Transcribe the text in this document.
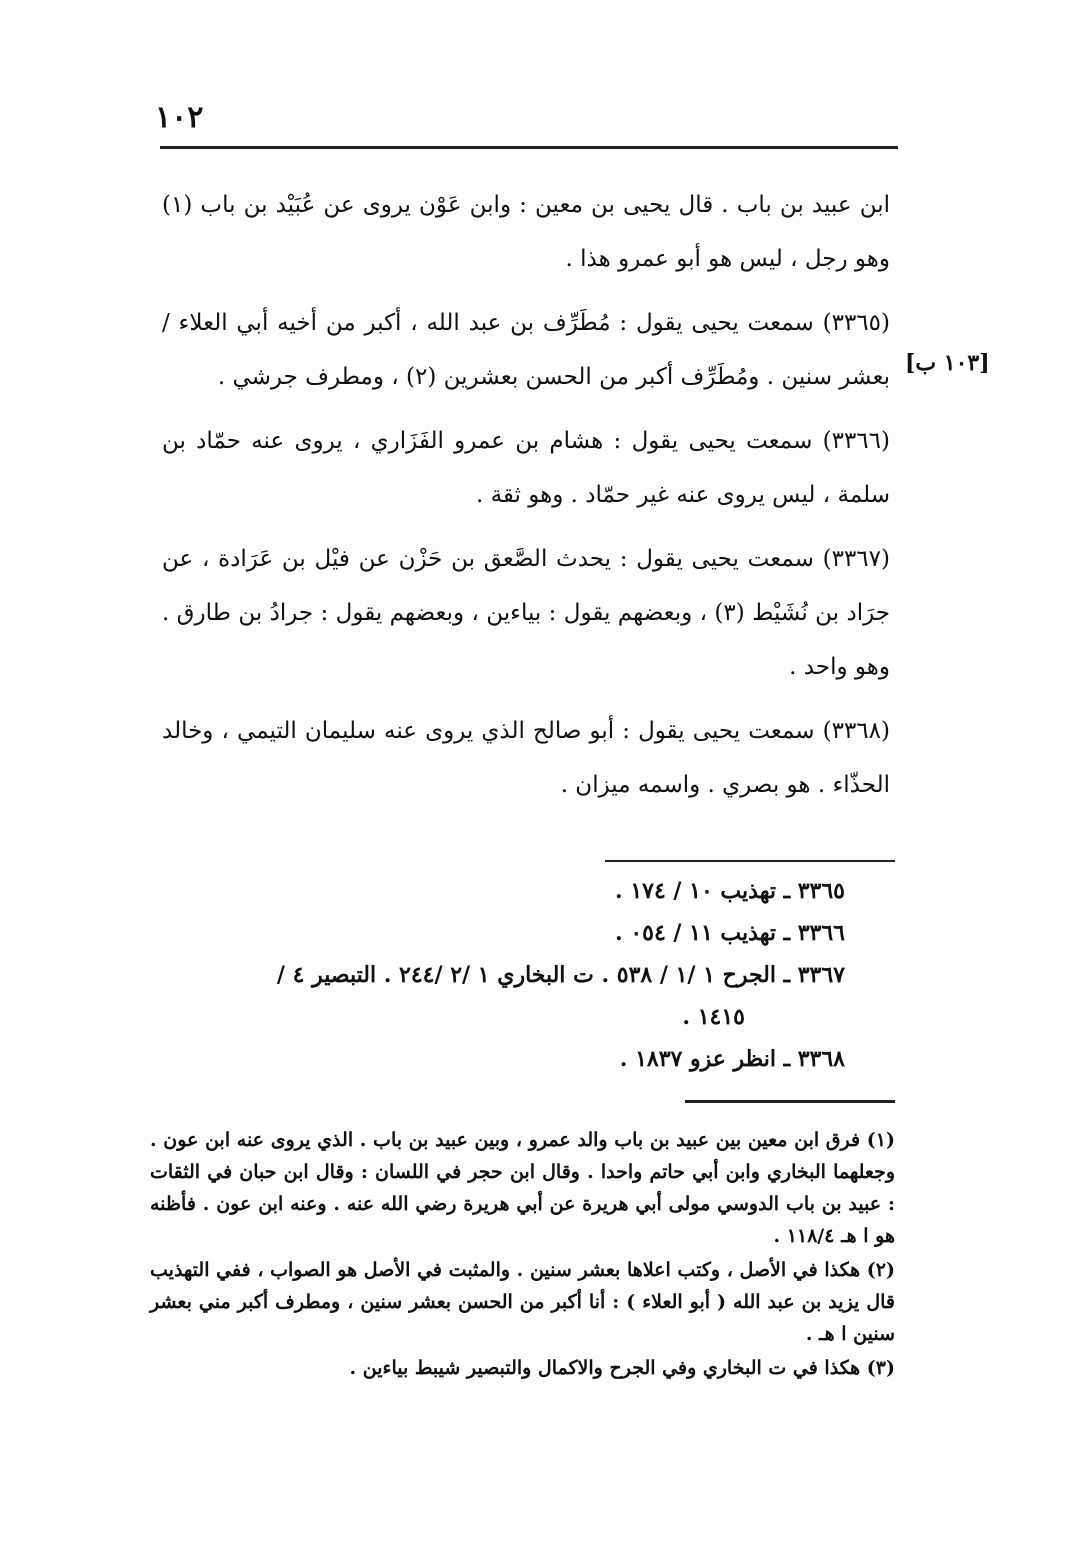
١٠٢
[١٠٣ ب]

ابن عبيد بن باب . قال يحيى بن معين : وابن عَوْن يروى عن عُبَيْد بن باب (١) وهو رجل ، ليس هو أبو عمرو هذا .

(٣٣٦٥) سمعت يحيى يقول : مُطَرِّف بن عبد الله ، أكبر من أخيه أبي العلاء / بعشر سنين . ومُطَرِّف أكبر من الحسن بعشرين (٢) ، ومطرف جرشي .

(٣٣٦٦) سمعت يحيى يقول : هشام بن عمرو الفَزَاري ، يروى عنه حمّاد بن سلمة ، ليس يروى عنه غير حمّاد . وهو ثقة .

(٣٣٦٧) سمعت يحيى يقول : يحدث الصَّعق بن حَزْن عن فيْل بن عَرَادة ، عن جرَاد بن نُشَيْط (٣) ، وبعضهم يقول : بياءين ، وبعضهم يقول : جرادُ بن طارق . وهو واحد .

(٣٣٦٨) سمعت يحيى يقول : أبو صالح الذي يروى عنه سليمان التيمي ، وخالد الحذّاء . هو بصري . واسمه ميزان .

٣٣٦٥ ـ تهذيب ١٠ / ١٧٤ .
٣٣٦٦ ـ تهذيب ١١ / ٠٥٤ .
٣٣٦٧ ـ الجرح ١ /١ / ٥٣٨ . ت البخاري ١ /٢ /٢٤٤ . التبصير ٤ /
١٤١٥ .
٣٣٦٨ ـ انظر عزو ١٨٣٧ .

(١) فرق ابن معين بين عبيد بن باب والد عمرو ، وبين عبيد بن باب . الذي يروى عنه ابن عون . وجعلهما البخاري وابن أبي حاتم واحدا . وقال ابن حجر في اللسان : وقال ابن حبان في الثقات : عبيد بن باب الدوسي مولى أبي هريرة عن أبي هريرة رضي الله عنه . وعنه ابن عون . فأظنه هو ا هـ ١١٨/٤ .

(٢) هكذا في الأصل ، وكتب اعلاها بعشر سنين . والمثبت في الأصل هو الصواب ، ففي التهذيب قال يزيد بن عبد الله ( أبو العلاء ) : أنا أكبر من الحسن بعشر سنين ، ومطرف أكبر مني بعشر سنين ا هـ .

(٣) هكذا في ت البخاري وفي الجرح والاكمال والتبصير شيبط بياءين .
